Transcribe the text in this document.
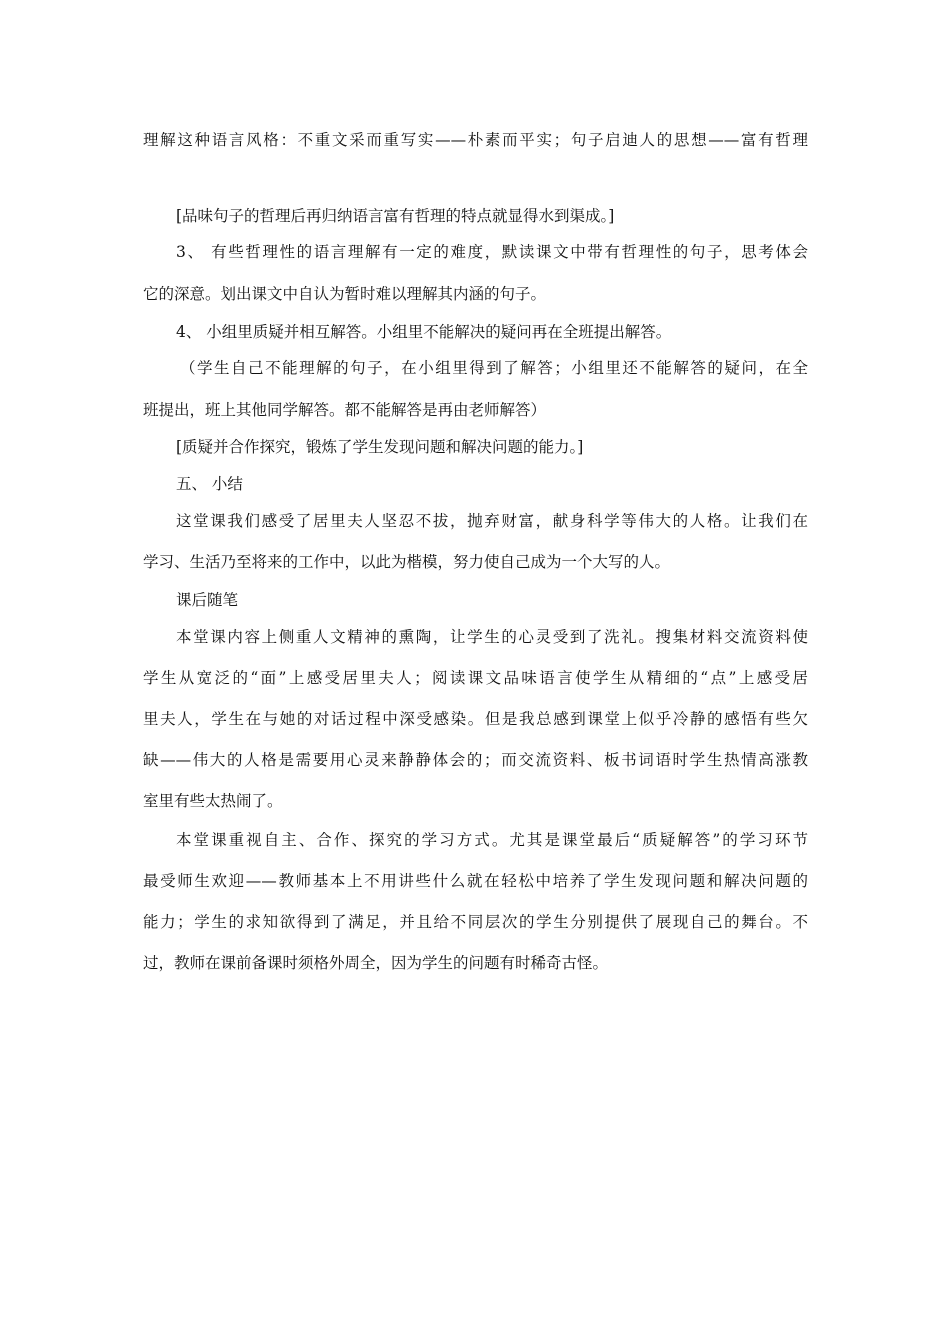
理解这种语言风格：不重文采而重写实——朴素而平实；句子启迪人的思想——富有哲理
[品味句子的哲理后再归纳语言富有哲理的特点就显得水到渠成。]
3、 有些哲理性的语言理解有一定的难度，默读课文中带有哲理性的句子，思考体会
它的深意。划出课文中自认为暂时难以理解其内涵的句子。
4、 小组里质疑并相互解答。小组里不能解决的疑问再在全班提出解答。
（学生自己不能理解的句子，在小组里得到了解答；小组里还不能解答的疑问，在全
班提出，班上其他同学解答。都不能解答是再由老师解答）
[质疑并合作探究，锻炼了学生发现问题和解决问题的能力。]
五、 小结
这堂课我们感受了居里夫人坚忍不拔，抛弃财富，献身科学等伟大的人格。让我们在
学习、生活乃至将来的工作中，以此为楷模，努力使自己成为一个大写的人。
课后随笔
本堂课内容上侧重人文精神的熏陶，让学生的心灵受到了洗礼。搜集材料交流资料使
学生从宽泛的“面”上感受居里夫人；阅读课文品味语言使学生从精细的“点”上感受居
里夫人，学生在与她的对话过程中深受感染。但是我总感到课堂上似乎冷静的感悟有些欠
缺——伟大的人格是需要用心灵来静静体会的；而交流资料、板书词语时学生热情高涨教
室里有些太热闹了。
本堂课重视自主、合作、探究的学习方式。尤其是课堂最后“质疑解答”的学习环节
最受师生欢迎——教师基本上不用讲些什么就在轻松中培养了学生发现问题和解决问题的
能力；学生的求知欲得到了满足，并且给不同层次的学生分别提供了展现自己的舞台。不
过，教师在课前备课时须格外周全，因为学生的问题有时稀奇古怪。
